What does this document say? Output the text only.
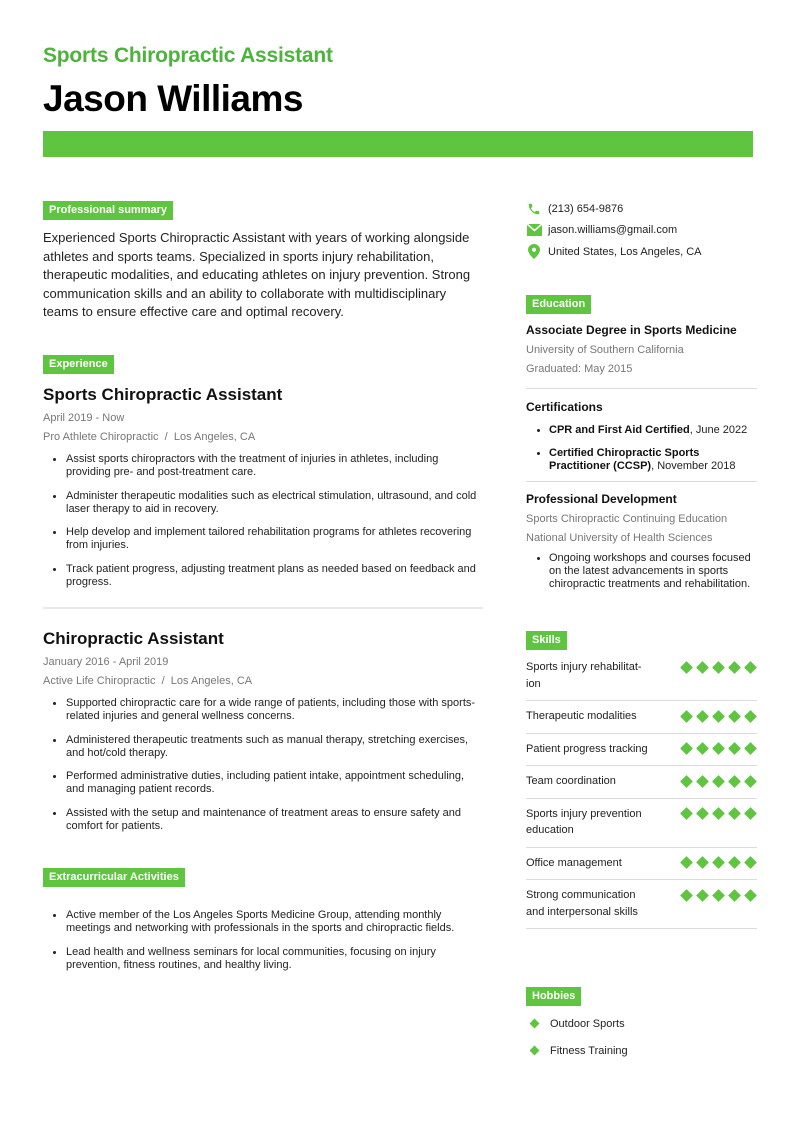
Sports Chiropractic Assistant
Jason Williams
Professional summary

Experienced Sports Chiropractic Assistant with years of working alongside athletes and sports teams. Specialized in sports injury rehabilitation, therapeutic modalities, and educating athletes on injury prevention. Strong communication skills and an ability to collaborate with multidisciplinary teams to ensure effective care and optimal recovery.

Experience
Sports Chiropractic Assistant
April 2019 - Now
Pro Athlete Chiropractic  /  Los Angeles, CA
Assist sports chiropractors with the treatment of injuries in athletes, including providing pre- and post-treatment care.
Administer therapeutic modalities such as electrical stimulation, ultrasound, and cold laser therapy to aid in recovery.
Help develop and implement tailored rehabilitation programs for athletes recovering from injuries.
Track patient progress, adjusting treatment plans as needed based on feedback and progress.
Chiropractic Assistant
January 2016 - April 2019
Active Life Chiropractic  /  Los Angeles, CA
Supported chiropractic care for a wide range of patients, including those with sports-related injuries and general wellness concerns.
Administered therapeutic treatments such as manual therapy, stretching exercises, and hot/cold therapy.
Performed administrative duties, including patient intake, appointment scheduling, and managing patient records.
Assisted with the setup and maintenance of treatment areas to ensure safety and comfort for patients.
Extracurricular Activities
Active member of the Los Angeles Sports Medicine Group, attending monthly meetings and networking with professionals in the sports and chiropractic fields.
Lead health and wellness seminars for local communities, focusing on injury prevention, fitness routines, and healthy living.
(213) 654-9876
jason.williams@gmail.com
United States, Los Angeles, CA
Education
Associate Degree in Sports Medicine
University of Southern California
Graduated: May 2015
Certifications
CPR and First Aid Certified, June 2022
Certified Chiropractic Sports Practitioner (CCSP), November 2018
Professional Development
Sports Chiropractic Continuing Education
National University of Health Sciences
Ongoing workshops and courses focused on the latest advancements in sports chiropractic treatments and rehabilitation.
Skills
Sports injury rehabilitat-ion
Therapeutic modalities
Patient progress tracking
Team coordination
Sports injury prevention education
Office management
Strong communication and interpersonal skills
Hobbies
Outdoor Sports
Fitness Training
